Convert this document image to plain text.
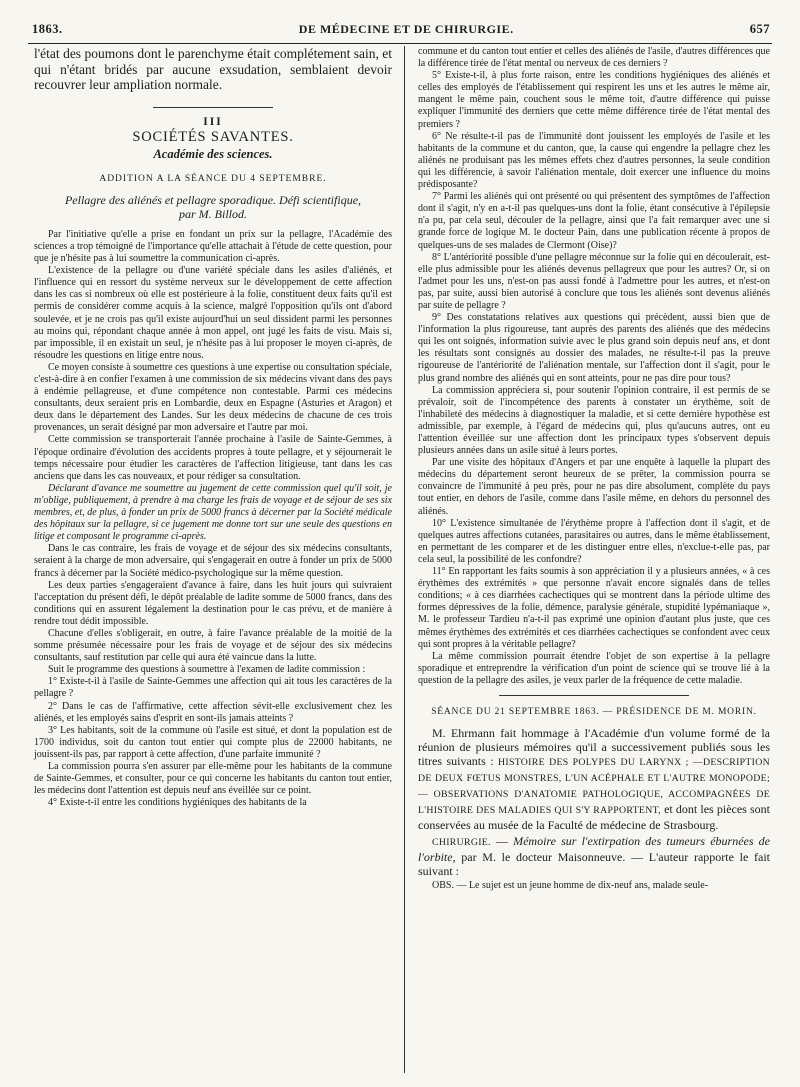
1863.	DE MÉDECINE ET DE CHIRURGIE.	657

l'état des poumons dont le parenchyme était complétement sain, et qui n'étant bridés par aucune exsudation, semblaient devoir recouvrer leur ampliation normale.

III

SOCIÉTÉS SAVANTES.

Académie des sciences.

ADDITION A LA SÉANCE DU 4 SEPTEMBRE.

Pellagre des aliénés et pellagre sporadique. Défi scientifique,
par M. Billod.

Par l'initiative qu'elle a prise en fondant un prix sur la pellagre, l'Académie des sciences a trop témoigné de l'importance qu'elle attachait à l'étude de cette question, pour que je n'hésite pas à lui soumettre la communication ci-après.

L'existence de la pellagre ou d'une variété spéciale dans les asiles d'aliénés, et l'influence qui en ressort du système nerveux sur le développement de cette affection dans les cas si nombreux où elle est postérieure à la folie, constituent deux faits qu'il est permis de considérer comme acquis à la science, malgré l'opposition qu'ils ont d'abord soulevée, et je ne crois pas qu'il existe aujourd'hui un seul dissident parmi les personnes au moins qui, répondant chaque année à mon appel, ont jugé les faits de visu. Mais si, par impossible, il en existait un seul, je n'hésite pas à lui proposer le moyen ci-après, de résoudre les questions en litige entre nous.

Ce moyen consiste à soumettre ces questions à une expertise ou consultation spéciale, c'est-à-dire à en confier l'examen à une commission de six médecins vivant dans des pays à endémie pellagreuse, et d'une compétence non contestable. Parmi ces médecins consultants, deux seraient pris en Lombardie, deux en Espagne (Asturies et Aragon) et deux dans le département des Landes. Sur les deux médecins de chacune de ces trois provenances, un serait désigné par mon adversaire et l'autre par moi.

Cette commission se transporterait l'année prochaine à l'asile de Sainte-Gemmes, à l'époque ordinaire d'évolution des accidents propres à toute pellagre, et y séjournerait le temps nécessaire pour étudier les caractères de l'affection litigieuse, tant dans les cas anciens que dans les cas nouveaux, et pour rédiger sa consultation.

Déclarant d'avance me soumettre au jugement de cette commission quel qu'il soit, je m'oblige, publiquement, à prendre à ma charge les frais de voyage et de séjour de ses six membres, et, de plus, à fonder un prix de 5000 francs à décerner par la Société médicale des hôpitaux sur la pellagre, si ce jugement me donne tort sur une seule des questions en litige et composant le programme ci-après.

Dans le cas contraire, les frais de voyage et de séjour des six médecins consultants, seraient à la charge de mon adversaire, qui s'engagerait en outre à fonder un prix de 5000 francs à décerner par la Société médico-psychologique sur la même question.

Les deux parties s'engageraient d'avance à faire, dans les huit jours qui suivraient l'acceptation du présent défi, le dépôt préalable de ladite somme de 5000 francs, dans des conditions qui en assurent légalement la destination pour le cas prévu, et de manière à rendre tout dédit impossible.

Chacune d'elles s'obligerait, en outre, à faire l'avance préalable de la moitié de la somme présumée nécessaire pour les frais de voyage et de séjour des six médecins consultants, sauf restitution par celle qui aura été vaincue dans la lutte.

Suit le programme des questions à soumettre à l'examen de ladite commission :

1° Existe-t-il à l'asile de Sainte-Gemmes une affection qui ait tous les caractères de la pellagre ?

2° Dans le cas de l'affirmative, cette affection sévit-elle exclusivement chez les aliénés, et les employés sains d'esprit en sont-ils jamais atteints ?

3° Les habitants, soit de la commune où l'asile est situé, et dont la population est de 1700 individus, soit du canton tout entier qui compte plus de 22000 habitants, ne jouissent-ils pas, par rapport à cette affection, d'une parfaite immunité ?

La commission pourra s'en assurer par elle-même pour les habitants de la commune de Sainte-Gemmes, et consulter, pour ce qui concerne les habitants du canton tout entier, les médecins dont l'attention est depuis neuf ans éveillée sur ce point.

4° Existe-t-il entre les conditions hygiéniques des habitants de la

commune et du canton tout entier et celles des aliénés de l'asile, d'autres différences que la différence tirée de l'état mental ou nerveux de ces derniers ?

5° Existe-t-il, à plus forte raison, entre les conditions hygiéniques des aliénés et celles des employés de l'établissement qui respirent les uns et les autres le même air, mangent le même pain, couchent sous le même toit, d'autre différence qui puisse expliquer l'immunité des derniers que cette même différence tirée de l'état mental des premiers ?

6° Ne résulte-t-il pas de l'immunité dont jouissent les employés de l'asile et les habitants de la commune et du canton, que, la cause qui engendre la pellagre chez les aliénés ne produisant pas les mêmes effets chez d'autres personnes, la seule condition qui les différencie, à savoir l'aliénation mentale, doit exercer une influence du moins prédisposante?

7° Parmi les aliénés qui ont présenté ou qui présentent des symptômes de l'affection dont il s'agit, n'y en a-t-il pas quelques-uns dont la folie, étant consécutive à l'épilepsie n'a pu, par cela seul, découler de la pellagre, ainsi que l'a fait remarquer avec une si grande force de logique M. le docteur Pain, dans une publication récente à propos de quelques-uns de ses malades de Clermont (Oise)?

8° L'antériorité possible d'une pellagre méconnue sur la folie qui en découlerait, est-elle plus admissible pour les aliénés devenus pellagreux que pour les autres? Or, si on l'admet pour les uns, n'est-on pas aussi fondé à l'admettre pour les autres, et n'est-on pas, par suite, aussi bien autorisé à conclure que tous les aliénés sont devenus aliénés par suite de pellagre ?

9° Des constatations relatives aux questions qui précèdent, aussi bien que de l'information la plus rigoureuse, tant auprès des parents des aliénés que des médecins qui les ont soignés, information suivie avec le plus grand soin depuis neuf ans, et dont les résultats sont consignés au dossier des malades, ne résulte-t-il pas la preuve rigoureuse de l'antériorité de l'aliénation mentale, sur l'affection dont il s'agit, pour le plus grand nombre des aliénés qui en sont atteints, pour ne pas dire pour tous?

La commission appréciera si, pour soutenir l'opinion contraire, il est permis de se prévaloir, soit de l'incompétence des parents à constater un érythème, soit de l'inhabileté des médecins à diagnostiquer la maladie, et si cette dernière hypothèse est admissible, par exemple, à l'égard de médecins qui, plus qu'aucuns autres, ont eu l'attention éveillée sur une affection dont les principaux types s'observent depuis plusieurs années dans un asile situé à leurs portes.

Par une visite des hôpitaux d'Angers et par une enquête à laquelle la plupart des médecins du département seront heureux de se prêter, la commission pourra se convaincre de l'immunité à peu près, pour ne pas dire absolument, complète du pays tout entier, en dehors de l'asile, comme dans l'asile même, en dehors du personnel des aliénés.

10° L'existence simultanée de l'érythème propre à l'affection dont il s'agit, et de quelques autres affections cutanées, parasitaires ou autres, dans le même établissement, en permettant de les comparer et de les distinguer entre elles, n'exclue-t-elle pas, par cela seul, la possibilité de les confondre?

11° En rapportant les faits soumis à son appréciation il y a plusieurs années, « à ces érythèmes des extrémités » que personne n'avait encore signalés dans de telles conditions; « à ces diarrhées cachectiques qui se montrent dans la période ultime des formes dépressives de la folie, démence, paralysie générale, stupidité lypémaniaque », M. le professeur Tardieu n'a-t-il pas exprimé une opinion d'autant plus juste, que ces mêmes érythèmes des extrémités et ces diarrhées cachectiques se confondent avec ceux qui sont propres à la véritable pellagre?

La même commission pourrait étendre l'objet de son expertise à la pellagre sporadique et entreprendre la vérification d'un point de science qui se trouve lié à la question de la pellagre des asiles, je veux parler de la fréquence de cette maladie.

SÉANCE DU 21 SEPTEMBRE 1863. — PRÉSIDENCE DE M. MORIN.

M. Ehrmann fait hommage à l'Académie d'un volume formé de la réunion de plusieurs mémoires qu'il a successivement publiés sous les titres suivants : HISTOIRE DES POLYPES DU LARYNX ; —DESCRIPTION DE DEUX FŒTUS MONSTRES, L'UN ACÉPHALE ET L'AUTRE MONOPODE; — OBSERVATIONS D'ANATOMIE PATHOLOGIQUE, ACCOMPAGNÉES DE L'HISTOIRE DES MALADIES QUI S'Y RAPPORTENT, et dont les pièces sont conservées au musée de la Faculté de médecine de Strasbourg.

CHIRURGIE. — Mémoire sur l'extirpation des tumeurs éburnées de l'orbite, par M. le docteur Maisonneuve. — L'auteur rapporte le fait suivant :

OBS. — Le sujet est un jeune homme de dix-neuf ans, malade seule-
